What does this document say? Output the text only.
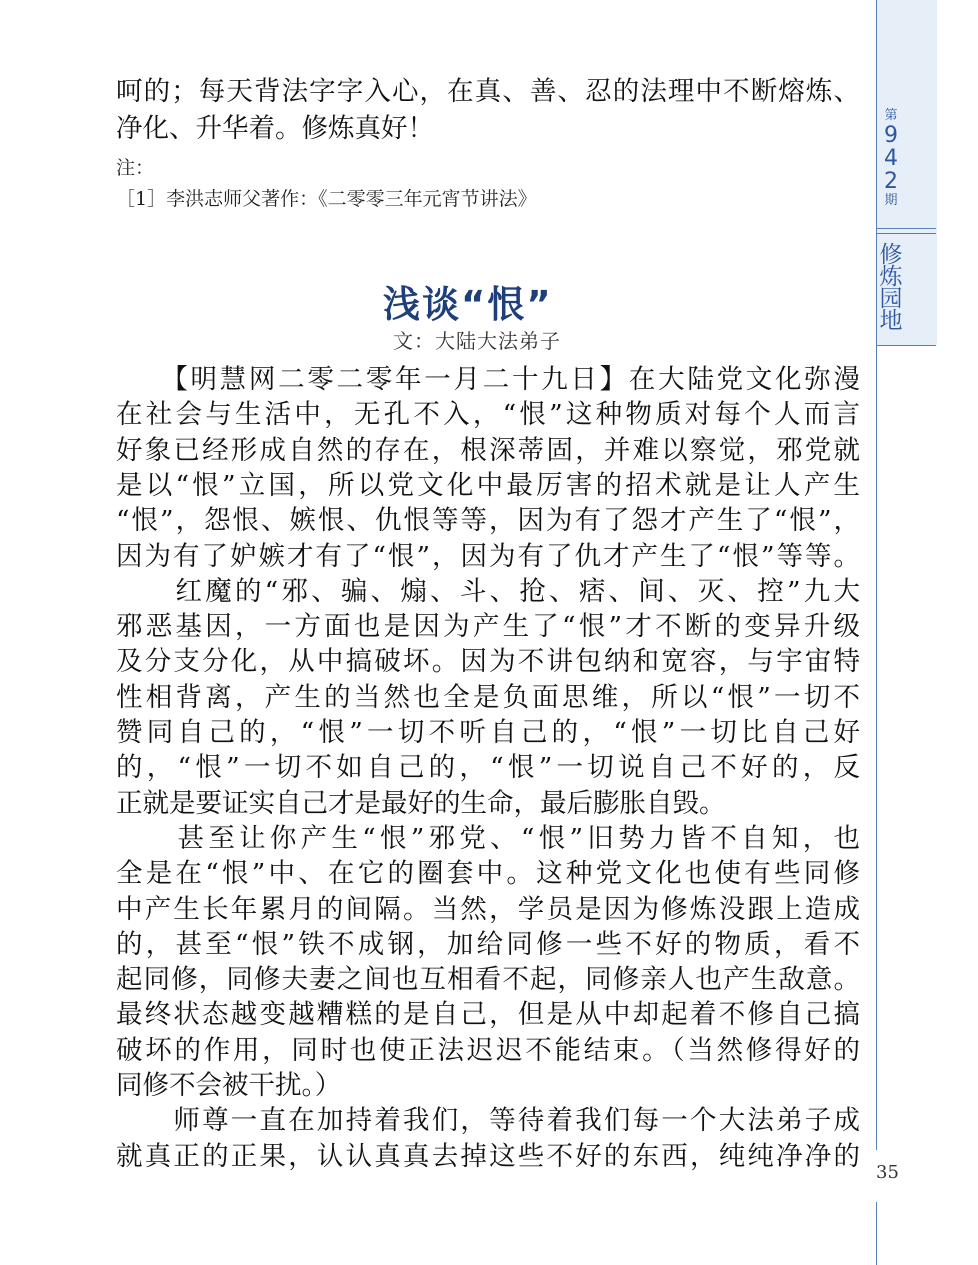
第
9
4
2
期
修
炼
园
地
35
呵的；每天背法字字入心，在真、善、忍的法理中不断熔炼、
净化、升华着。修炼真好！
注：
［1］李洪志师父著作：《二零零三年元宵节讲法》
浅谈“恨”
文：大陆大法弟子
　　【明慧网二零二零年一月二十九日】在大陆党文化弥漫
在社会与生活中，无孔不入，“恨”这种物质对每个人而言
好象已经形成自然的存在，根深蒂固，并难以察觉，邪党就
是以“恨”立国，所以党文化中最厉害的招术就是让人产生
“恨”，怨恨、嫉恨、仇恨等等，因为有了怨才产生了“恨”，
因为有了妒嫉才有了“恨”，因为有了仇才产生了“恨”等等。
　　红魔的“邪、骗、煽、斗、抢、痞、间、灭、控”九大
邪恶基因，一方面也是因为产生了“恨”才不断的变异升级
及分支分化，从中搞破坏。因为不讲包纳和宽容，与宇宙特
性相背离，产生的当然也全是负面思维，所以“恨”一切不
赞同自己的，“恨”一切不听自己的，“恨”一切比自己好
的，“恨”一切不如自己的，“恨”一切说自己不好的，反
正就是要证实自己才是最好的生命，最后膨胀自毁。
　　甚至让你产生“恨”邪党、“恨”旧势力皆不自知，也
全是在“恨”中、在它的圈套中。这种党文化也使有些同修
中产生长年累月的间隔。当然，学员是因为修炼没跟上造成
的，甚至“恨”铁不成钢，加给同修一些不好的物质，看不
起同修，同修夫妻之间也互相看不起，同修亲人也产生敌意。
最终状态越变越糟糕的是自己，但是从中却起着不修自己搞
破坏的作用，同时也使正法迟迟不能结束。（当然修得好的
同修不会被干扰。）
　　师尊一直在加持着我们，等待着我们每一个大法弟子成
就真正的正果，认认真真去掉这些不好的东西，纯纯净净的
